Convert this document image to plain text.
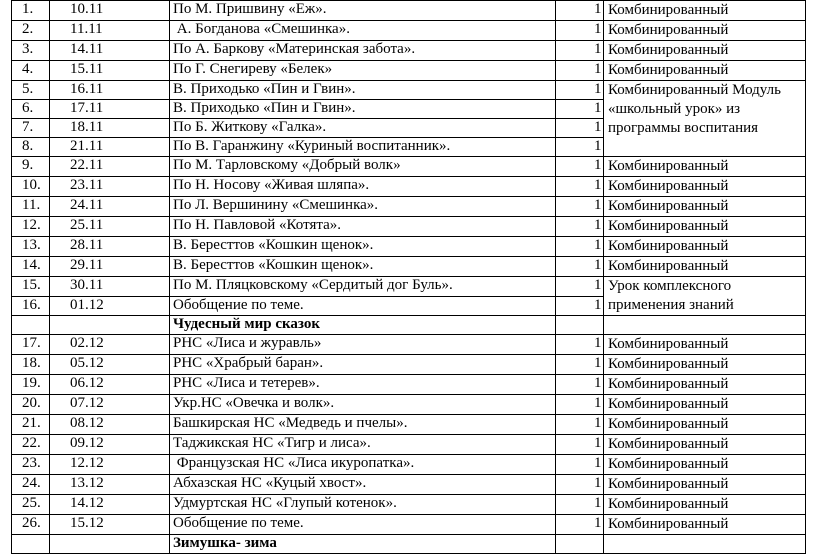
1.	10.11	По М. Пришвину «Еж».	1	Комбинированный
2.	11.11	А. Богданова «Смешинка».	1	Комбинированный
3.	14.11	По А. Баркову «Материнская забота».	1	Комбинированный
4.	15.11	По Г. Снегиреву «Белек»	1	Комбинированный
5.	16.11	В. Приходько «Пин и Гвин».	1	Комбинированный Модуль «школьный урок» из программы воспитания
6.	17.11	В. Приходько «Пин и Гвин».	1	
7.	18.11	По Б. Житкову «Галка».	1	
8.	21.11	По В. Гаранжину «Куриный воспитанник».	1	
9.	22.11	По М. Тарловскому «Добрый волк»	1	Комбинированный
10.	23.11	По Н. Носову «Живая шляпа».	1	Комбинированный
11.	24.11	По Л. Вершинину «Смешинка».	1	Комбинированный
12.	25.11	По Н. Павловой «Котята».	1	Комбинированный
13.	28.11	В. Бересттов «Кошкин щенок».	1	Комбинированный
14.	29.11	В. Бересттов «Кошкин щенок».	1	Комбинированный
15.	30.11	По М. Пляцковскому «Сердитый дог Буль».	1	Урок комплексного применения знаний
16.	01.12	Обобщение по теме.	1	
		Чудесный мир сказок		
17.	02.12	РНС «Лиса и журавль»	1	Комбинированный
18.	05.12	РНС «Храбрый баран».	1	Комбинированный
19.	06.12	РНС «Лиса и тетерев».	1	Комбинированный
20.	07.12	Укр.НС «Овечка и волк».	1	Комбинированный
21.	08.12	Башкирская НС «Медведь и пчелы».	1	Комбинированный
22.	09.12	Таджикская НС «Тигр и лиса».	1	Комбинированный
23.	12.12	Французская НС «Лиса икуропатка».	1	Комбинированный
24.	13.12	Абхазская НС «Куцый хвост».	1	Комбинированный
25.	14.12	Удмуртская НС «Глупый котенок».	1	Комбинированный
26.	15.12	Обобщение по теме.	1	Комбинированный
		Зимушка- зима		
